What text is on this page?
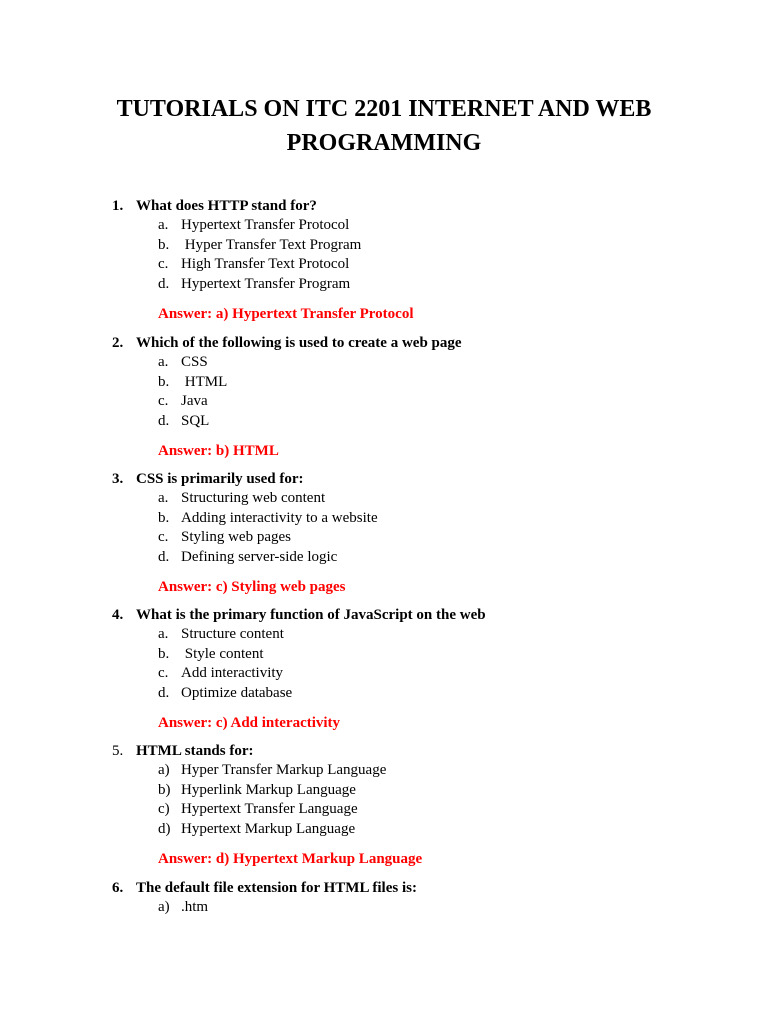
TUTORIALS ON ITC 2201 INTERNET AND WEB
PROGRAMMING
1. What does HTTP stand for?
a. Hypertext Transfer Protocol
b. Hyper Transfer Text Program
c. High Transfer Text Protocol
d. Hypertext Transfer Program
Answer: a) Hypertext Transfer Protocol
2. Which of the following is used to create a web page
a. CSS
b. HTML
c. Java
d. SQL
Answer: b) HTML
3. CSS is primarily used for:
a. Structuring web content
b. Adding interactivity to a website
c. Styling web pages
d. Defining server-side logic
Answer: c) Styling web pages
4. What is the primary function of JavaScript on the web
a. Structure content
b. Style content
c. Add interactivity
d. Optimize database
Answer: c) Add interactivity
5. HTML stands for:
a) Hyper Transfer Markup Language
b) Hyperlink Markup Language
c) Hypertext Transfer Language
d) Hypertext Markup Language
Answer: d) Hypertext Markup Language
6. The default file extension for HTML files is:
a) .htm
